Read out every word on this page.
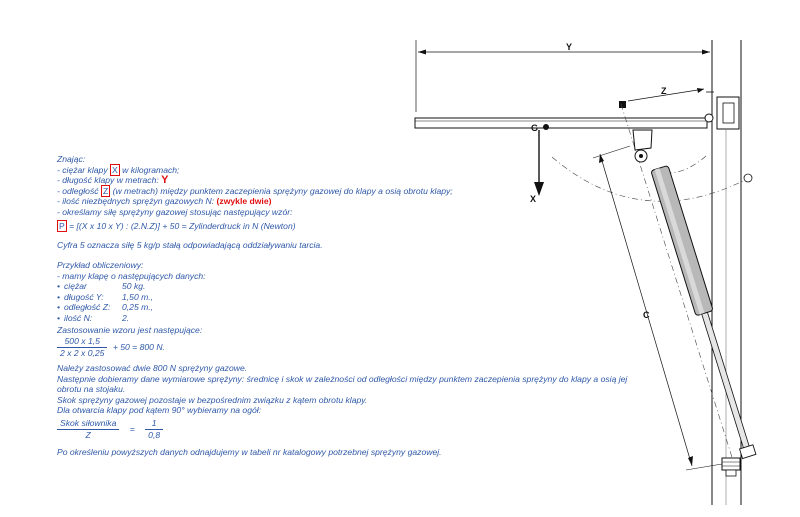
Y
Z
G
X
C
Znając:
- ciężar klapy X w kilogramach;
- długość klapy w metrach: Y
- odległość Z (w metrach) między punktem zaczepienia sprężyny gazowej do klapy a osią obrotu klapy;
- ilość niezbędnych sprężyn gazowych N: (zwykle dwie)
- określamy siłę sprężyny gazowej stosując następujący wzór:
P = [(X x 10 x Y) : (2.N.Z)] + 50 = Zylinderdruck in N (Newton)
Cyfra 5 oznacza siłę 5 kg/p stałą odpowiadającą oddziaływaniu tarcia.
Przykład obliczeniowy:
- mamy klapę o następujących danych:
• ciężar	50 kg.
• długość Y: 1,50 m.,
• odległość Z: 0,25 m.,
• ilość N:	2.
Zastosowanie wzoru jest następujące:
$\frac{500 x 1,5}{2 x 2 x 0,25} + 50 = 800$ N.
Należy zastosować dwie 800 N sprężyny gazowe.
Następnie dobieramy dane wymiarowe sprężyny: średnicę i skok w zależności od odległości między punktem zaczepienia sprężyny do klapy a osią jej
obrotu na stojaku.
Skok sprężyny gazowej pozostaje w bezpośrednim związku z kątem obrotu klapy.
Dla otwarcia klapy pod kątem 90° wybieramy na ogół:
$\frac{\text{Skok siłownika}}{Z} = \frac{1}{0,8}$
Po określeniu powyższych danych odnajdujemy w tabeli nr katalogowy potrzebnej sprężyny gazowej.
